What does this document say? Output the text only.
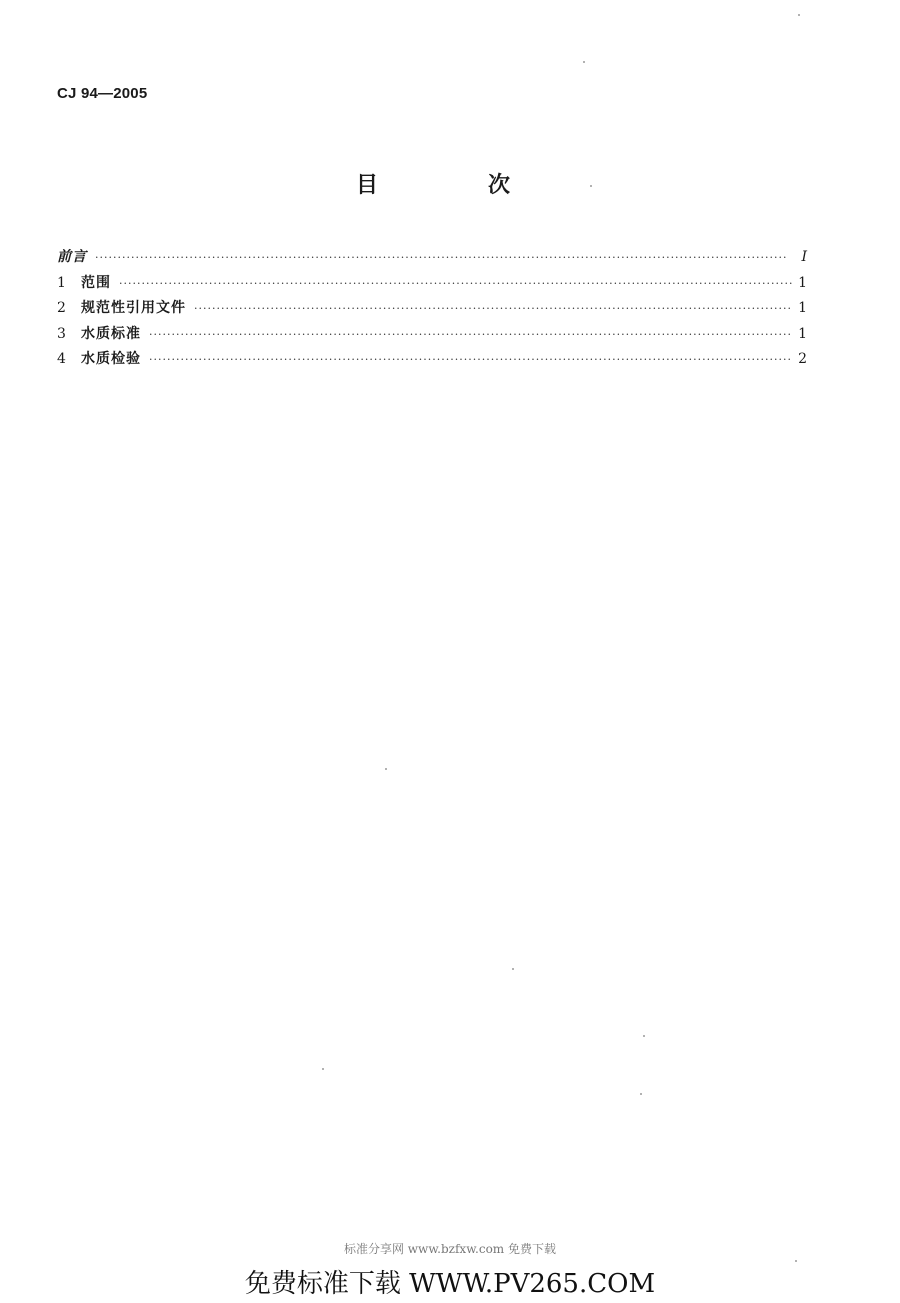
CJ 94—2005
目　次
前言 ·····	I
1	范围 ·····	1
2	规范性引用文件 ·····	1
3	水质标准 ·····	1
4	水质检验 ·····	2
标准分享网 www.bzfxw.com 免费下载
免费标准下载 WWW.PV265.COM
